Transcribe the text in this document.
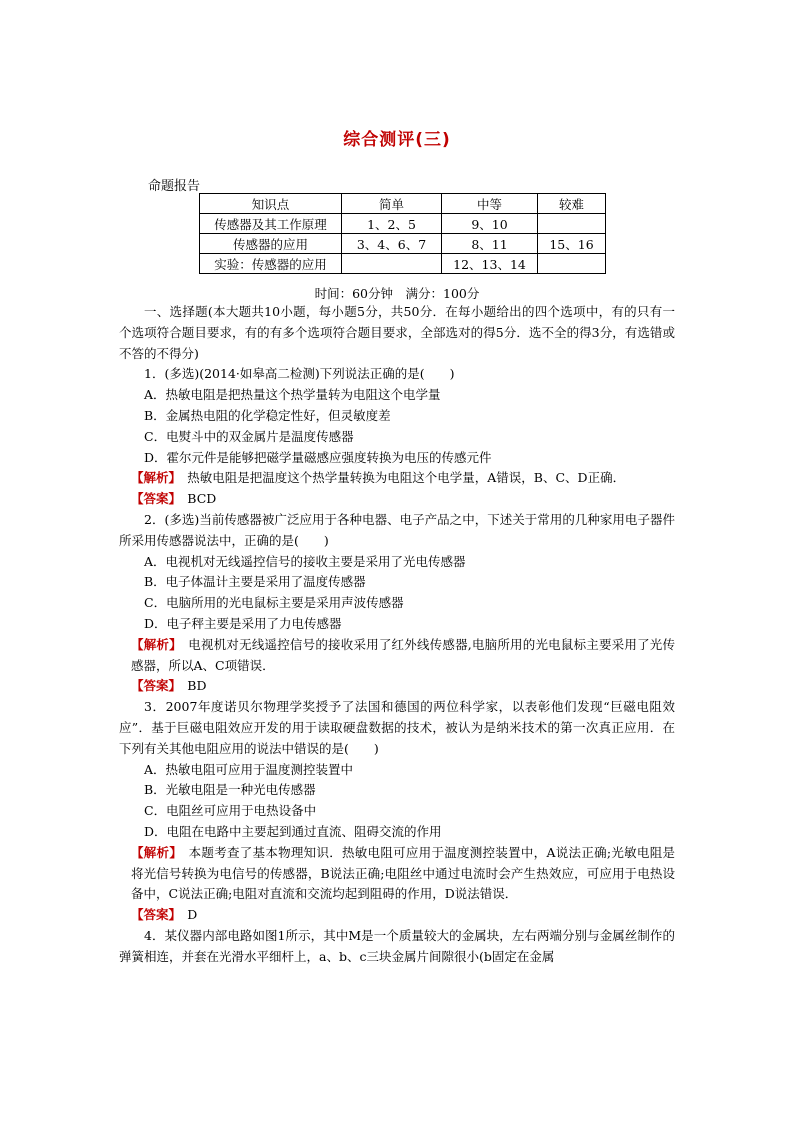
综合测评(三)
命题报告
知识点	简单	中等	较难
传感器及其工作原理	1、2、5	9、10	
传感器的应用	3、4、6、7	8、11	15、16
实验：传感器的应用		12、13、14	
时间：60分钟　满分：100分

一、选择题(本大题共10小题，每小题5分，共50分．在每小题给出的四个选项中，有的只有一个选项符合题目要求，有的有多个选项符合题目要求，全部选对的得5分．选不全的得3分，有选错或不答的不得分)

1．(多选)(2014·如皋高二检测)下列说法正确的是(　　)

A．热敏电阻是把热量这个热学量转为电阻这个电学量

B．金属热电阻的化学稳定性好，但灵敏度差

C．电熨斗中的双金属片是温度传感器

D．霍尔元件是能够把磁学量磁感应强度转换为电压的传感元件

【解析】　 热敏电阻是把温度这个热学量转换为电阻这个电学量，A错误，B、C、D正确．

【答案】　 BCD

2．(多选)当前传感器被广泛应用于各种电器、电子产品之中，下述关于常用的几种家用电子器件所采用传感器说法中，正确的是(　　)

A．电视机对无线遥控信号的接收主要是采用了光电传感器

B．电子体温计主要是采用了温度传感器

C．电脑所用的光电鼠标主要是采用声波传感器

D．电子秤主要是采用了力电传感器

【解析】　 电视机对无线遥控信号的接收采用了红外线传感器,电脑所用的光电鼠标主要采用了光传感器，所以A、C项错误．

【答案】　 BD

3．2007年度诺贝尔物理学奖授予了法国和德国的两位科学家，以表彰他们发现“巨磁电阻效应”．基于巨磁电阻效应开发的用于读取硬盘数据的技术，被认为是纳米技术的第一次真正应用．在下列有关其他电阻应用的说法中错误的是(　　)

A．热敏电阻可应用于温度测控装置中

B．光敏电阻是一种光电传感器

C．电阻丝可应用于电热设备中

D．电阻在电路中主要起到通过直流、阻碍交流的作用

【解析】　 本题考查了基本物理知识．热敏电阻可应用于温度测控装置中，A说法正确;光敏电阻是将光信号转换为电信号的传感器，B说法正确;电阻丝中通过电流时会产生热效应，可应用于电热设备中，C说法正确;电阻对直流和交流均起到阻碍的作用，D说法错误．

【答案】　 D

4．某仪器内部电路如图1所示，其中M是一个质量较大的金属块，左右两端分别与金属丝制作的弹簧相连，并套在光滑水平细杆上，a、b、c三块金属片间隙很小(b固定在金属
